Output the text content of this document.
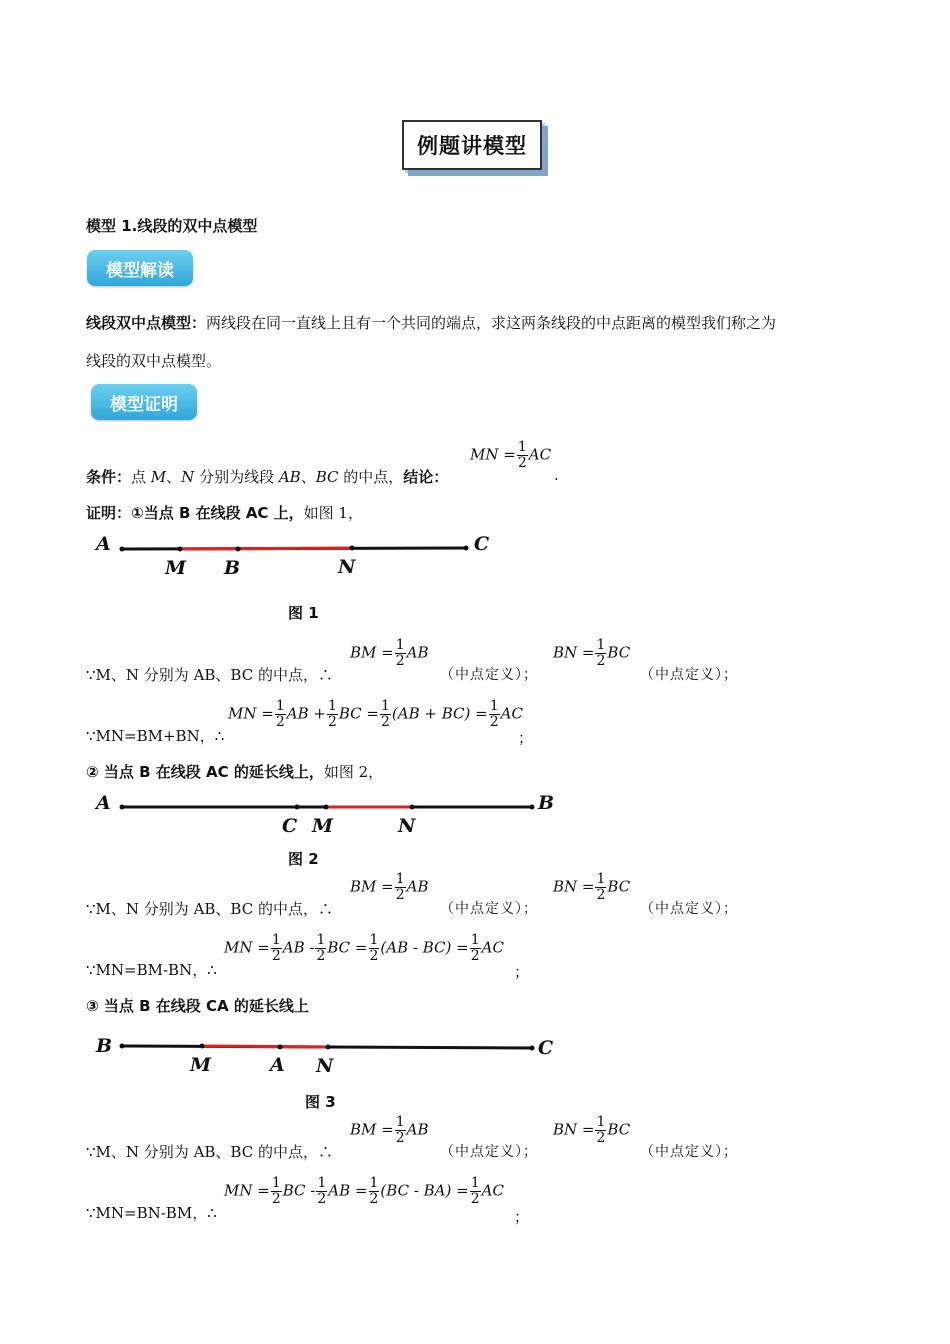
例题讲模型
模型 1.线段的双中点模型
模型解读
线段双中点模型：两线段在同一直线上且有一个共同的端点，求这两条线段的中点距离的模型我们称之为
线段的双中点模型。
模型证明
条件：点 M、N 分别为线段 AB、BC 的中点，结论：
MN = $\frac{1}{2}$ AC
.
证明：①当点 B 在线段 AC 上，如图 1，
A
M B	N
C
图 1
∵M、N 分别为 AB、BC 的中点，∴
BM = $\frac{1}{2}$ AB
（中点定义）；
BN = $\frac{1}{2}$ BC
（中点定义）；
∵MN=BM+BN，∴
MN = $\frac{1}{2}$ AB + $\frac{1}{2}$ BC = $\frac{1}{2} (AB + BC) = \frac{1}{2}$ AC
；
② 当点 B 在线段 AC 的延长线上，如图 2，
A
C M	N
B
图 2
∵M、N 分别为 AB、BC 的中点，∴
BM = $\frac{1}{2}$ AB
（中点定义）；
BN = $\frac{1}{2}$ BC
（中点定义）；
∵MN=BM-BN，∴
MN = $\frac{1}{2}$ AB - $\frac{1}{2}$ BC = $\frac{1}{2} (AB - BC) = \frac{1}{2}$ AC
；
③ 当点 B 在线段 CA 的延长线上
B
M	A N
C
图 3
∵M、N 分别为 AB、BC 的中点，∴
BM = $\frac{1}{2}$ AB
（中点定义）；
BN = $\frac{1}{2}$ BC
（中点定义）；
∵MN=BN-BM，∴
MN = $\frac{1}{2}$ BC - $\frac{1}{2}$ AB = $\frac{1}{2} (BC - BA) = \frac{1}{2}$ AC
；
